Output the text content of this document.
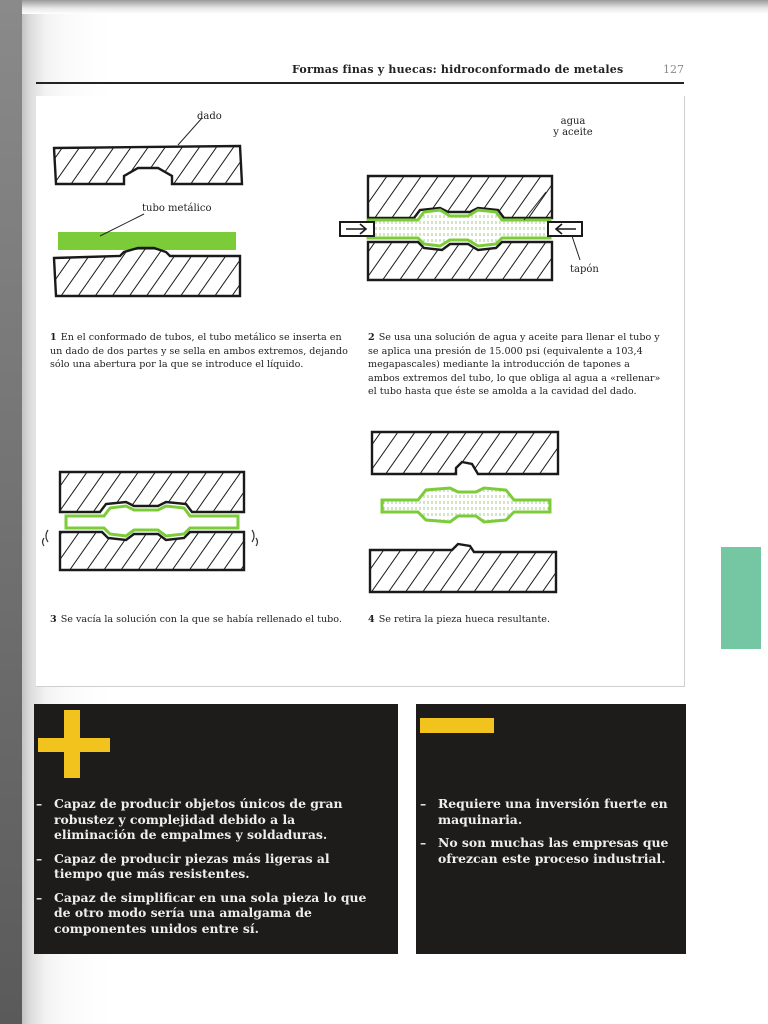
Formas finas y huecas: hidroconformado de metales	127
dado
tubo metálico
agua
y aceite
tapón
1 En el conformado de tubos, el tubo metálico se inserta en un dado de dos partes y se sella en ambos extremos, dejando sólo una abertura por la que se introduce el líquido.
2 Se usa una solución de agua y aceite para llenar el tubo y se aplica una presión de 15.000 psi (equivalente a 103,4 megapascales) mediante la introducción de tapones a ambos extremos del tubo, lo que obliga al agua a «rellenar» el tubo hasta que éste se amolda a la cavidad del dado.
3 Se vacía la solución con la que se había rellenado el tubo.	4 Se retira la pieza hueca resultante.
– Capaz de producir objetos únicos de gran robustez y complejidad debido a la eliminación de empalmes y soldaduras.
– Capaz de producir piezas más ligeras al tiempo que más resistentes.
– Capaz de simplificar en una sola pieza lo que de otro modo sería una amalgama de componentes unidos entre sí.
– Requiere una inversión fuerte en maquinaria.
– No son muchas las empresas que ofrezcan este proceso industrial.
